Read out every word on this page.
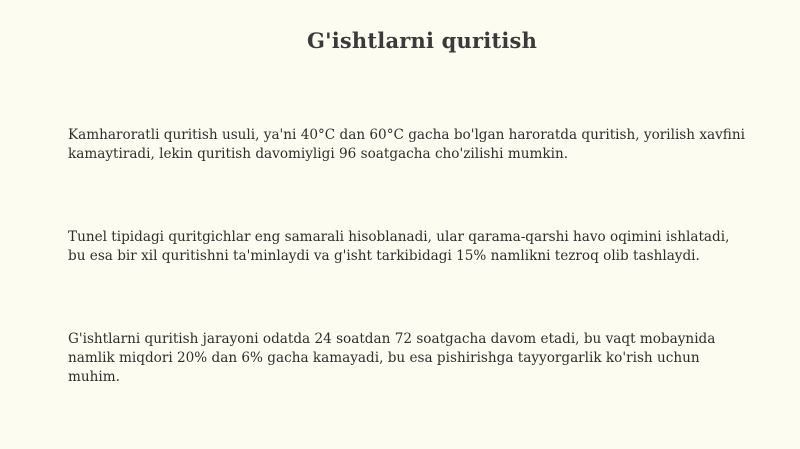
G'ishtlarni quritish

Kamharoratli quritish usuli, ya'ni 40°C dan 60°C gacha bo'lgan haroratda quritish, yorilish xavfini kamaytiradi, lekin quritish davomiyligi 96 soatgacha cho'zilishi mumkin.

Tunel tipidagi quritgichlar eng samarali hisoblanadi, ular qarama-qarshi havo oqimini ishlatadi, bu esa bir xil quritishni ta'minlaydi va g'isht tarkibidagi 15% namlikni tezroq olib tashlaydi.

G'ishtlarni quritish jarayoni odatda 24 soatdan 72 soatgacha davom etadi, bu vaqt mobaynida namlik miqdori 20% dan 6% gacha kamayadi, bu esa pishirishga tayyorgarlik ko'rish uchun muhim.
